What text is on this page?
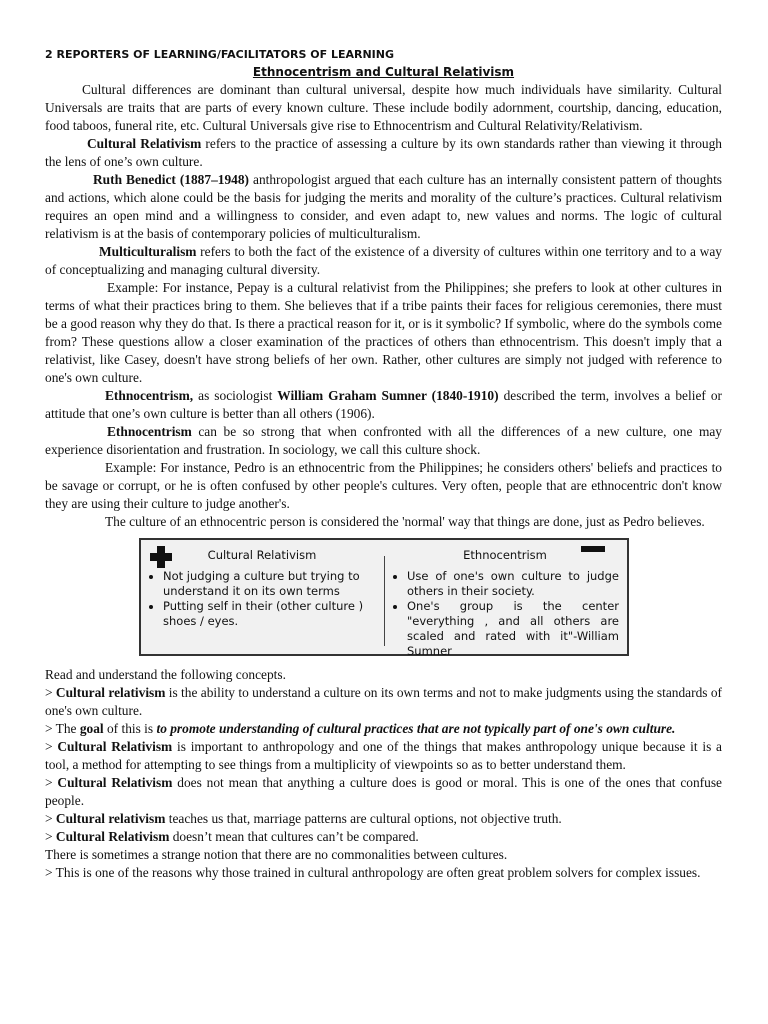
2 REPORTERS OF LEARNING/FACILITATORS OF LEARNING
Ethnocentrism and Cultural Relativism

Cultural differences are dominant than cultural universal, despite how much individuals have similarity. Cultural Universals are traits that are parts of every known culture. These include bodily adornment, courtship, dancing, education, food taboos, funeral rite, etc. Cultural Universals give rise to Ethnocentrism and Cultural Relativity/Relativism.

Cultural Relativism refers to the practice of assessing a culture by its own standards rather than viewing it through the lens of one’s own culture.

Ruth Benedict (1887–1948) anthropologist argued that each culture has an internally consistent pattern of thoughts and actions, which alone could be the basis for judging the merits and morality of the culture’s practices. Cultural relativism requires an open mind and a willingness to consider, and even adapt to, new values and norms. The logic of cultural relativism is at the basis of contemporary policies of multiculturalism.

Multiculturalism refers to both the fact of the existence of a diversity of cultures within one territory and to a way of conceptualizing and managing cultural diversity.

Example: For instance, Pepay is a cultural relativist from the Philippines; she prefers to look at other cultures in terms of what their practices bring to them. She believes that if a tribe paints their faces for religious ceremonies, there must be a good reason why they do that. Is there a practical reason for it, or is it symbolic? If symbolic, where do the symbols come from? These questions allow a closer examination of the practices of others than ethnocentrism. This doesn't imply that a relativist, like Casey, doesn't have strong beliefs of her own. Rather, other cultures are simply not judged with reference to one's own culture.

Ethnocentrism, as sociologist William Graham Sumner (1840-1910) described the term, involves a belief or attitude that one’s own culture is better than all others (1906).

Ethnocentrism can be so strong that when confronted with all the differences of a new culture, one may experience disorientation and frustration. In sociology, we call this culture shock.

Example: For instance, Pedro is an ethnocentric from the Philippines; he considers others' beliefs and practices to be savage or corrupt, or he is often confused by other people's cultures. Very often, people that are ethnocentric don't know they are using their culture to judge another's.

The culture of an ethnocentric person is considered the 'normal' way that things are done, just as Pedro believes.

Cultural Relativism
• Not judging a culture but trying to understand it on its own terms
• Putting self in their (other culture ) shoes / eyes.
Ethnocentrism
• Use of one's own culture to judge others in their society.
• One's group is the center "everything , and all others are scaled and rated with it"-William Sumner

Read and understand the following concepts.

> Cultural relativism is the ability to understand a culture on its own terms and not to make judgments using the standards of one's own culture.

> The goal of this is to promote understanding of cultural practices that are not typically part of one's own culture.

> Cultural Relativism is important to anthropology and one of the things that makes anthropology unique because it is a tool, a method for attempting to see things from a multiplicity of viewpoints so as to better understand them.

> Cultural Relativism does not mean that anything a culture does is good or moral. This is one of the ones that confuse people.

> Cultural relativism teaches us that, marriage patterns are cultural options, not objective truth.

> Cultural Relativism doesn’t mean that cultures can’t be compared.

There is sometimes a strange notion that there are no commonalities between cultures.

> This is one of the reasons why those trained in cultural anthropology are often great problem solvers for complex issues.
